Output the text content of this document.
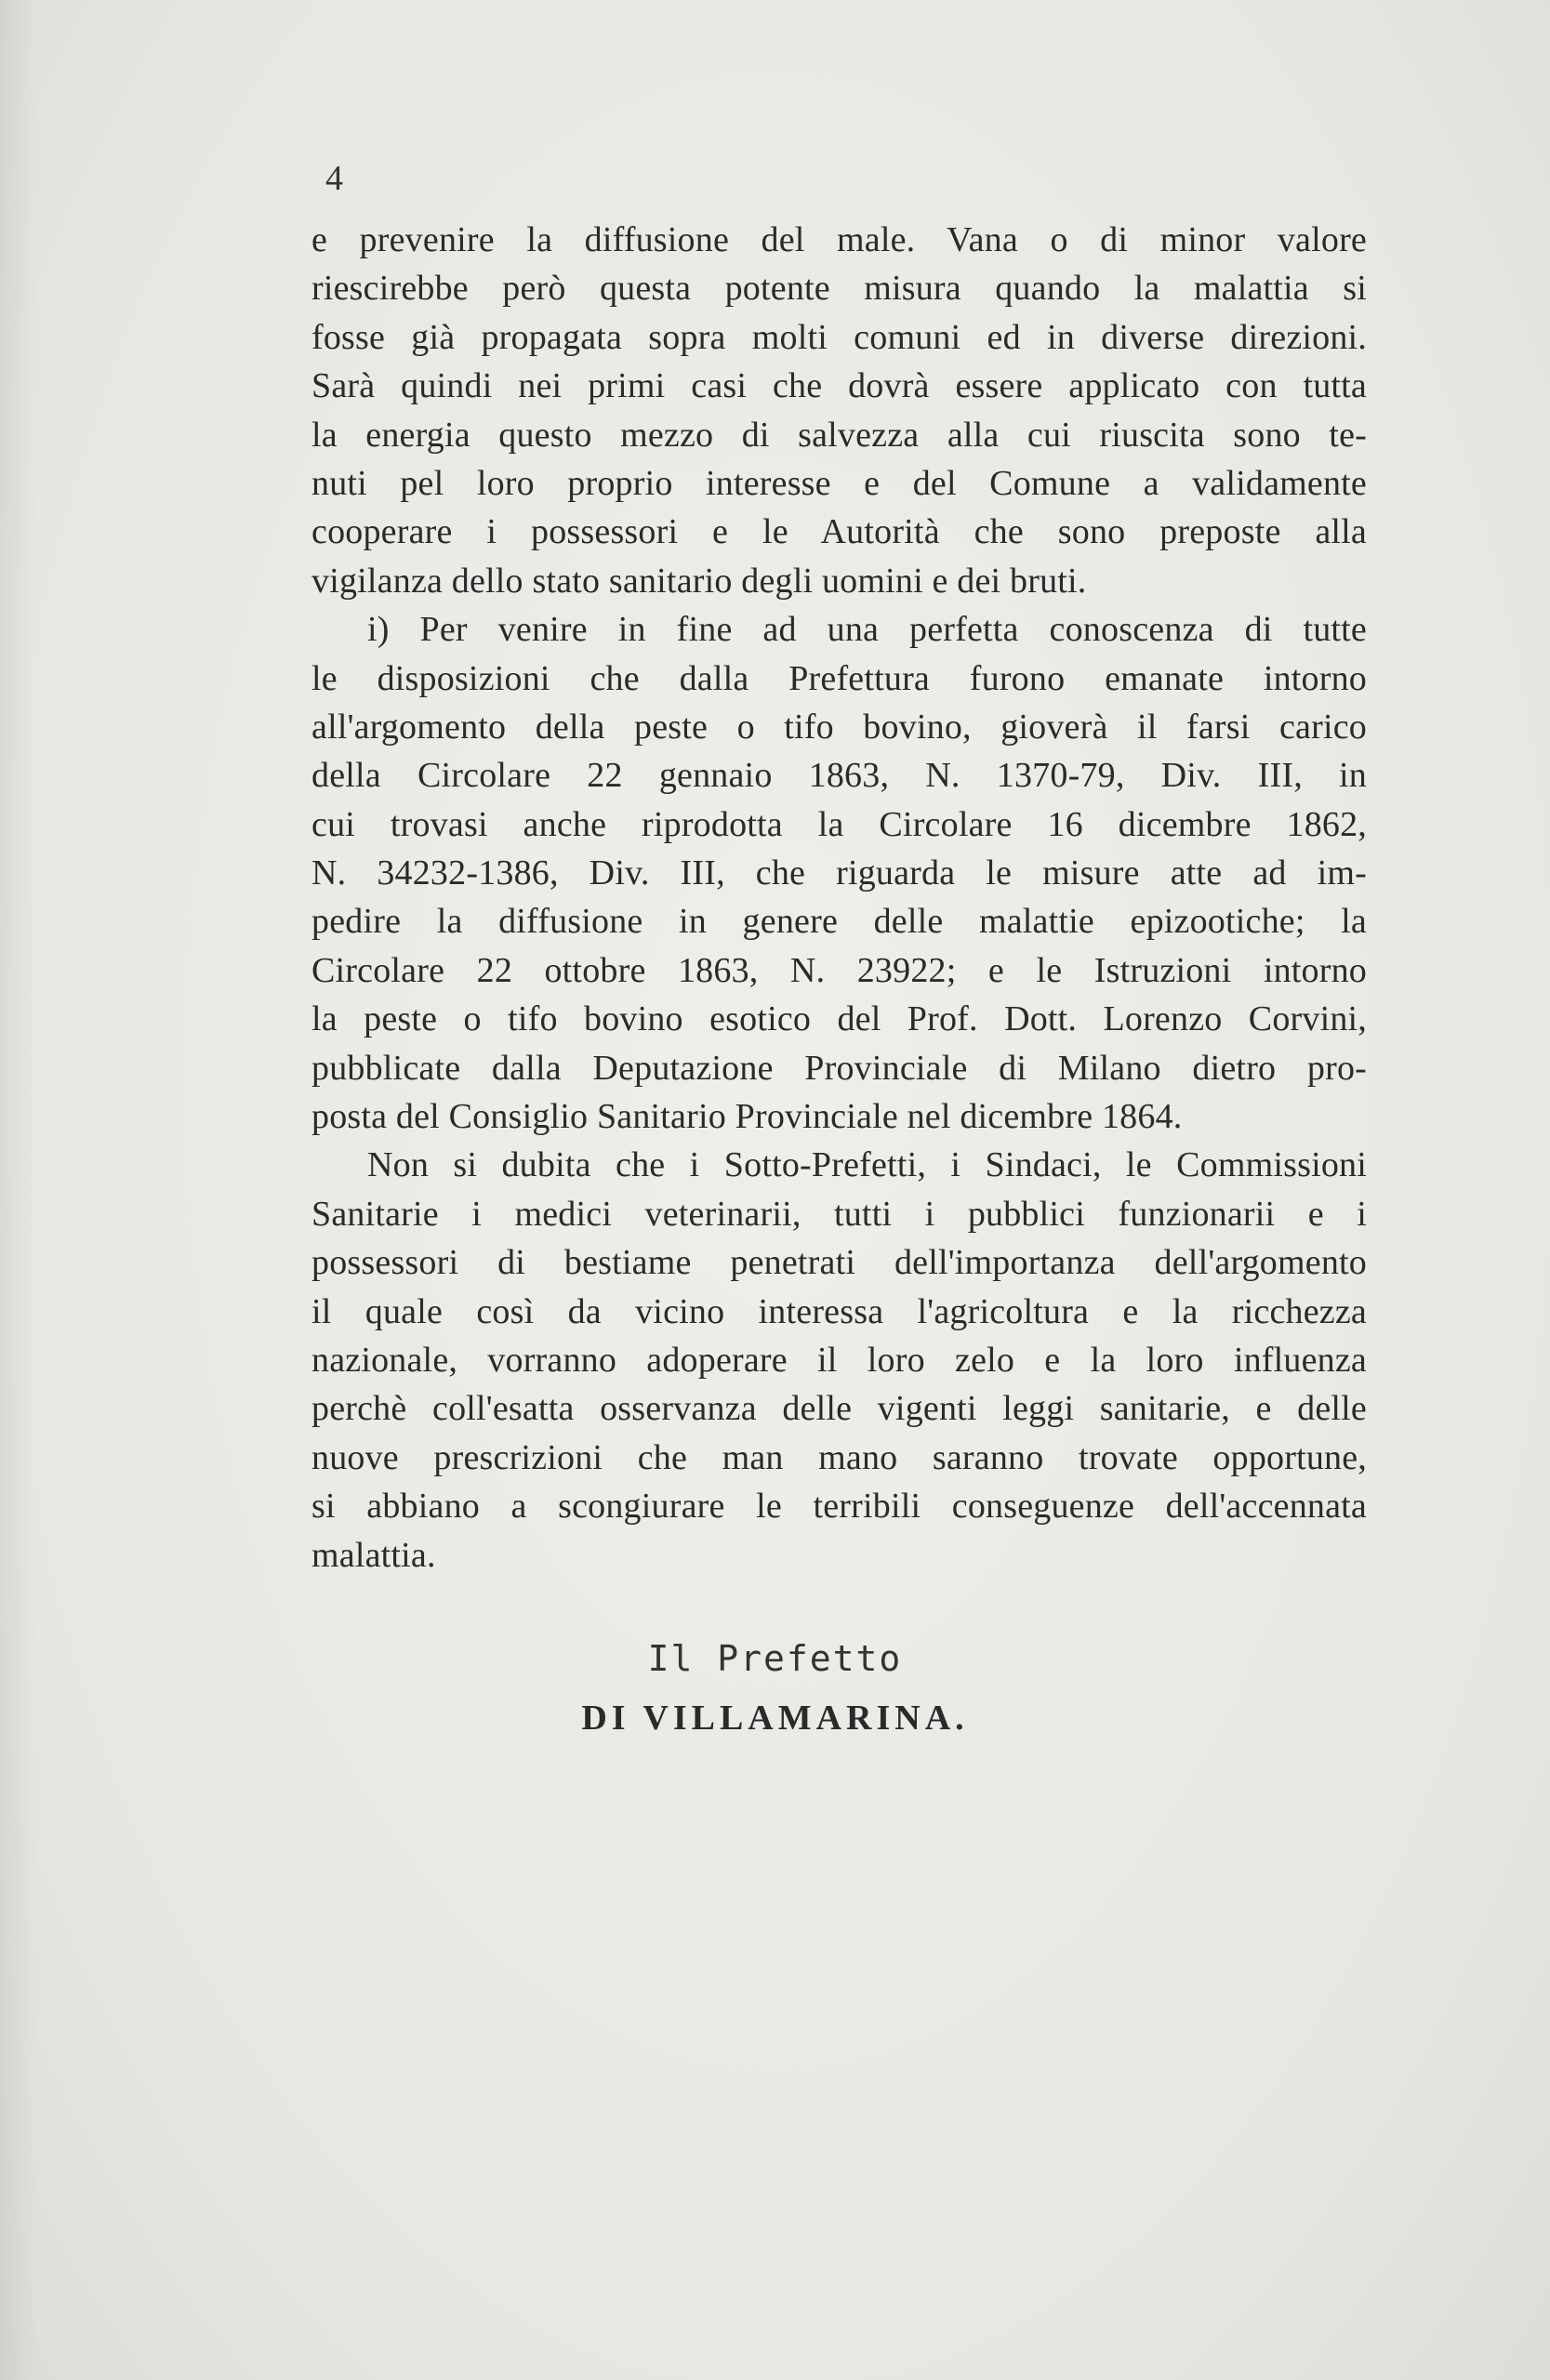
4
e prevenire la diffusione del male. Vana o di minor valore
riescirebbe però questa potente misura quando la malattia si
fosse già propagata sopra molti comuni ed in diverse direzioni.
Sarà quindi nei primi casi che dovrà essere applicato con tutta
la energia questo mezzo di salvezza alla cui riuscita sono te-
nuti pel loro proprio interesse e del Comune a validamente
cooperare i possessori e le Autorità che sono preposte alla
vigilanza dello stato sanitario degli uomini e dei bruti.
i) Per venire in fine ad una perfetta conoscenza di tutte
le disposizioni che dalla Prefettura furono emanate intorno
all'argomento della peste o tifo bovino, gioverà il farsi carico
della Circolare 22 gennaio 1863, N. 1370-79, Div. III, in
cui trovasi anche riprodotta la Circolare 16 dicembre 1862,
N. 34232-1386, Div. III, che riguarda le misure atte ad im-
pedire la diffusione in genere delle malattie epizootiche; la
Circolare 22 ottobre 1863, N. 23922; e le Istruzioni intorno
la peste o tifo bovino esotico del Prof. Dott. Lorenzo Corvini,
pubblicate dalla Deputazione Provinciale di Milano dietro pro-
posta del Consiglio Sanitario Provinciale nel dicembre 1864.
Non si dubita che i Sotto-Prefetti, i Sindaci, le Commissioni
Sanitarie i medici veterinarii, tutti i pubblici funzionarii e i
possessori di bestiame penetrati dell'importanza dell'argomento
il quale così da vicino interessa l'agricoltura e la ricchezza
nazionale, vorranno adoperare il loro zelo e la loro influenza
perchè coll'esatta osservanza delle vigenti leggi sanitarie, e delle
nuove prescrizioni che man mano saranno trovate opportune,
si abbiano a scongiurare le terribili conseguenze dell'accennata
malattia.
Il Prefetto
DI VILLAMARINA.
